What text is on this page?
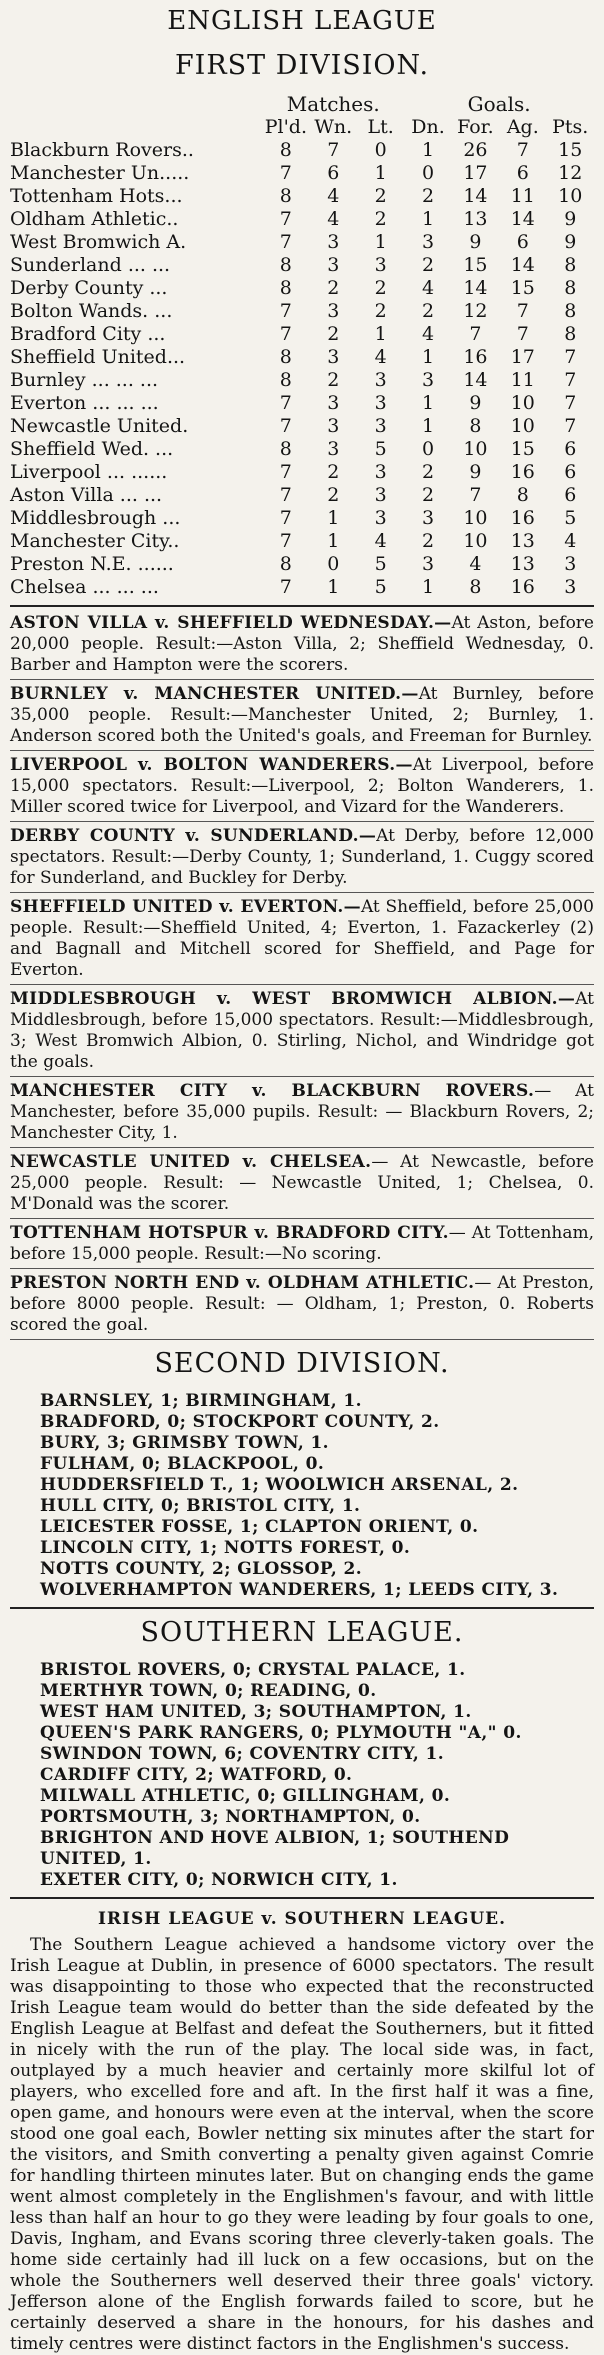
ENGLISH LEAGUE
FIRST DIVISION.
	Matches.				Goals.		
	Pl'd.	Wn.	Lt.	Dn.	For.	Ag.	Pts.
Blackburn Rovers..	8	7	0	1	26	7	15
Manchester Un.....	7	6	1	0	17	6	12
Tottenham Hots...	8	4	2	2	14	11	10
Oldham Athletic..	7	4	2	1	13	14	9
West Bromwich A.	7	3	1	3	9	6	9
Sunderland ... ...	8	3	3	2	15	14	8
Derby County ...	8	2	2	4	14	15	8
Bolton Wands. ...	7	3	2	2	12	7	8
Bradford City ...	7	2	1	4	7	7	8
Sheffield United...	8	3	4	1	16	17	7
Burnley ... ... ...	8	2	3	3	14	11	7
Everton ... ... ...	7	3	3	1	9	10	7
Newcastle United.	7	3	3	1	8	10	7
Sheffield Wed. ...	8	3	5	0	10	15	6
Liverpool ... ......	7	2	3	2	9	16	6
Aston Villa ... ...	7	2	3	2	7	8	6
Middlesbrough ...	7	1	3	3	10	16	5
Manchester City..	7	1	4	2	10	13	4
Preston N.E. ......	8	0	5	3	4	13	3
Chelsea ... ... ...	7	1	5	1	8	16	3

ASTON VILLA v. SHEFFIELD WEDNESDAY.—At Aston, before 20,000 people. Result:—Aston Villa, 2; Sheffield Wednesday, 0. Barber and Hampton were the scorers.

BURNLEY v. MANCHESTER UNITED.—At Burnley, before 35,000 people. Result:—Manchester United, 2; Burnley, 1. Anderson scored both the United's goals, and Freeman for Burnley.

LIVERPOOL v. BOLTON WANDERERS.—At Liverpool, before 15,000 spectators. Result:—Liverpool, 2; Bolton Wanderers, 1. Miller scored twice for Liverpool, and Vizard for the Wanderers.

DERBY COUNTY v. SUNDERLAND.—At Derby, before 12,000 spectators. Result:—Derby County, 1; Sunderland, 1. Cuggy scored for Sunderland, and Buckley for Derby.

SHEFFIELD UNITED v. EVERTON.—At Sheffield, before 25,000 people. Result:—Sheffield United, 4; Everton, 1. Fazackerley (2) and Bagnall and Mitchell scored for Sheffield, and Page for Everton.

MIDDLESBROUGH v. WEST BROMWICH ALBION.—At Middlesbrough, before 15,000 spectators. Result:—Middlesbrough, 3; West Bromwich Albion, 0. Stirling, Nichol, and Windridge got the goals.

MANCHESTER CITY v. BLACKBURN ROVERS.— At Manchester, before 35,000 pupils. Result: — Blackburn Rovers, 2; Manchester City, 1.

NEWCASTLE UNITED v. CHELSEA.— At Newcastle, before 25,000 people. Result: — Newcastle United, 1; Chelsea, 0. M'Donald was the scorer.

TOTTENHAM HOTSPUR v. BRADFORD CITY.— At Tottenham, before 15,000 people. Result:—No scoring.

PRESTON NORTH END v. OLDHAM ATHLETIC.— At Preston, before 8000 people. Result: — Oldham, 1; Preston, 0. Roberts scored the goal.

SECOND DIVISION.
BARNSLEY, 1; BIRMINGHAM, 1.
BRADFORD, 0; STOCKPORT COUNTY, 2.
BURY, 3; GRIMSBY TOWN, 1.
FULHAM, 0; BLACKPOOL, 0.
HUDDERSFIELD T., 1; WOOLWICH ARSENAL, 2.
HULL CITY, 0; BRISTOL CITY, 1.
LEICESTER FOSSE, 1; CLAPTON ORIENT, 0.
LINCOLN CITY, 1; NOTTS FOREST, 0.
NOTTS COUNTY, 2; GLOSSOP, 2.
WOLVERHAMPTON WANDERERS, 1; LEEDS CITY, 3.
SOUTHERN LEAGUE.
BRISTOL ROVERS, 0; CRYSTAL PALACE, 1.
MERTHYR TOWN, 0; READING, 0.
WEST HAM UNITED, 3; SOUTHAMPTON, 1.
QUEEN'S PARK RANGERS, 0; PLYMOUTH "A," 0.
SWINDON TOWN, 6; COVENTRY CITY, 1.
CARDIFF CITY, 2; WATFORD, 0.
MILWALL ATHLETIC, 0; GILLINGHAM, 0.
PORTSMOUTH, 3; NORTHAMPTON, 0.
BRIGHTON AND HOVE ALBION, 1; SOUTHEND UNITED, 1.
EXETER CITY, 0; NORWICH CITY, 1.
IRISH LEAGUE v. SOUTHERN LEAGUE.

The Southern League achieved a handsome victory over the Irish League at Dublin, in presence of 6000 spectators. The result was disappointing to those who expected that the reconstructed Irish League team would do better than the side defeated by the English League at Belfast and defeat the Southerners, but it fitted in nicely with the run of the play. The local side was, in fact, outplayed by a much heavier and certainly more skilful lot of players, who excelled fore and aft. In the first half it was a fine, open game, and honours were even at the interval, when the score stood one goal each, Bowler netting six minutes after the start for the visitors, and Smith converting a penalty given against Comrie for handling thirteen minutes later. But on changing ends the game went almost completely in the Englishmen's favour, and with little less than half an hour to go they were leading by four goals to one, Davis, Ingham, and Evans scoring three cleverly-taken goals. The home side certainly had ill luck on a few occasions, but on the whole the Southerners well deserved their three goals' victory. Jefferson alone of the English forwards failed to score, but he certainly deserved a share in the honours, for his dashes and timely centres were distinct factors in the Englishmen's success.
